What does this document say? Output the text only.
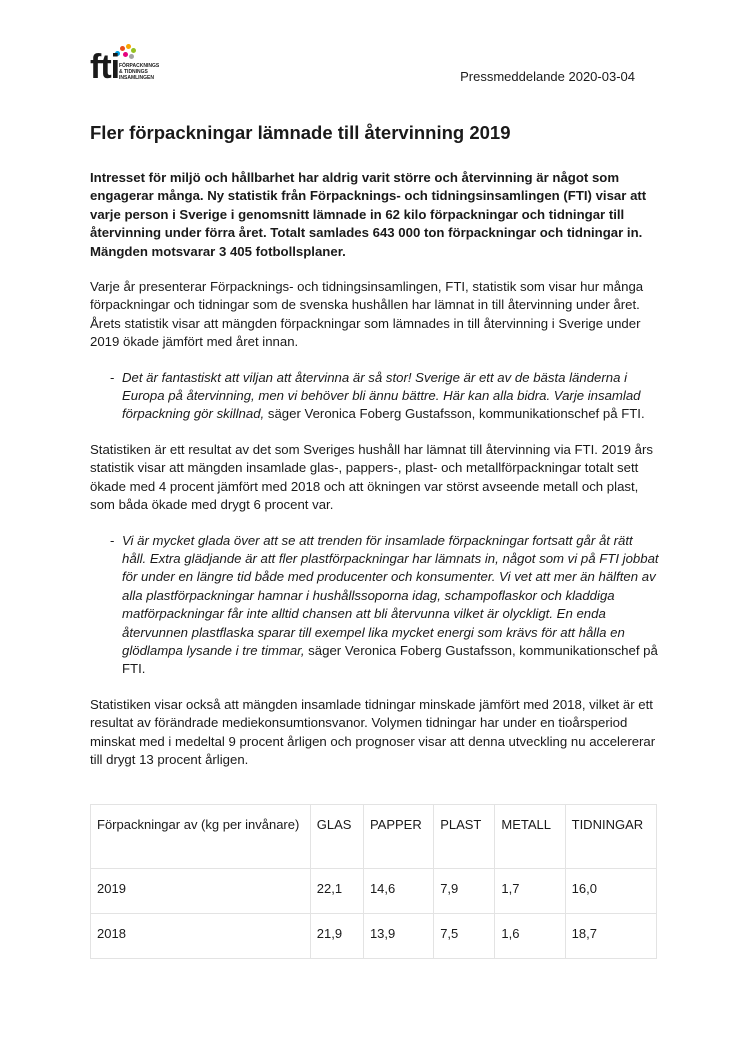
fti FÖRPACKNINGS
& TIDNINGS
INSAMLINGEN	Pressmeddelande 2020-03-04
Fler förpackningar lämnade till återvinning 2019

Intresset för miljö och hållbarhet har aldrig varit större och återvinning är något som engagerar många. Ny statistik från Förpacknings- och tidningsinsamlingen (FTI) visar att varje person i Sverige i genomsnitt lämnade in 62 kilo förpackningar och tidningar till återvinning under förra året. Totalt samlades 643 000 ton förpackningar och tidningar in. Mängden motsvarar 3 405 fotbollsplaner.

Varje år presenterar Förpacknings- och tidningsinsamlingen, FTI, statistik som visar hur många förpackningar och tidningar som de svenska hushållen har lämnat in till återvinning under året. Årets statistik visar att mängden förpackningar som lämnades in till återvinning i Sverige under 2019 ökade jämfört med året innan.

- Det är fantastiskt att viljan att återvinna är så stor! Sverige är ett av de bästa länderna i Europa på återvinning, men vi behöver bli ännu bättre. Här kan alla bidra. Varje insamlad förpackning gör skillnad, säger Veronica Foberg Gustafsson, kommunikationschef på FTI.

Statistiken är ett resultat av det som Sveriges hushåll har lämnat till återvinning via FTI. 2019 års statistik visar att mängden insamlade glas-, pappers-, plast- och metallförpackningar totalt sett ökade med 4 procent jämfört med 2018 och att ökningen var störst avseende metall och plast, som båda ökade med drygt 6 procent var.

- Vi är mycket glada över att se att trenden för insamlade förpackningar fortsatt går åt rätt håll. Extra glädjande är att fler plastförpackningar har lämnats in, något som vi på FTI jobbat för under en längre tid både med producenter och konsumenter. Vi vet att mer än hälften av alla plastförpackningar hamnar i hushållssoporna idag, schampoflaskor och kladdiga matförpackningar får inte alltid chansen att bli återvunna vilket är olyckligt. En enda återvunnen plastflaska sparar till exempel lika mycket energi som krävs för att hålla en glödlampa lysande i tre timmar, säger Veronica Foberg Gustafsson, kommunikationschef på FTI.

Statistiken visar också att mängden insamlade tidningar minskade jämfört med 2018, vilket är ett resultat av förändrade mediekonsumtionsvanor. Volymen tidningar har under en tioårsperiod minskat med i medeltal 9 procent årligen och prognoser visar att denna utveckling nu accelererar till drygt 13 procent årligen.

Förpackningar av (kg per invånare)	GLAS	PAPPER	PLAST	METALL	TIDNINGAR
2019	22,1	14,6	7,9	1,7	16,0
2018	21,9	13,9	7,5	1,6	18,7
